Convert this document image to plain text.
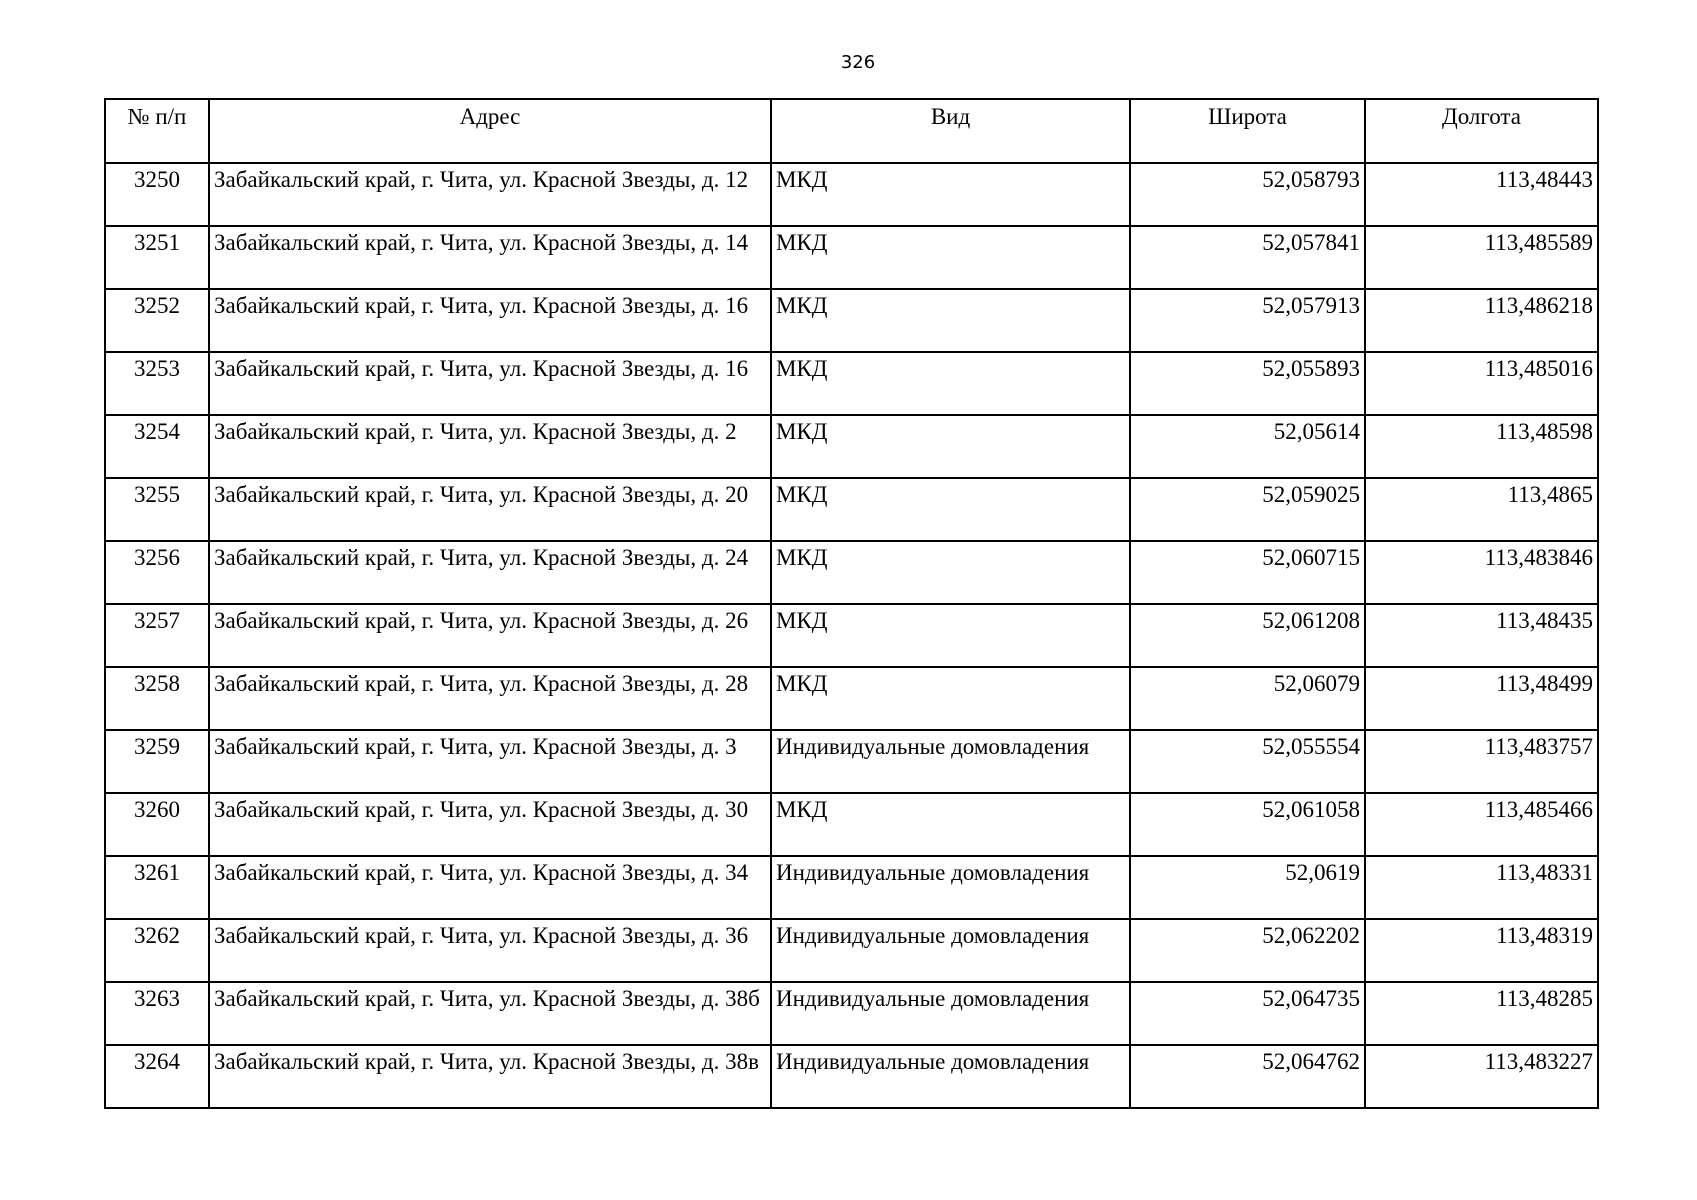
326
№ п/п	Адрес	Вид	Широта	Долгота
3250	Забайкальский край, г. Чита, ул. Красной Звезды, д. 12	МКД	52,058793	113,48443
3251	Забайкальский край, г. Чита, ул. Красной Звезды, д. 14	МКД	52,057841	113,485589
3252	Забайкальский край, г. Чита, ул. Красной Звезды, д. 16	МКД	52,057913	113,486218
3253	Забайкальский край, г. Чита, ул. Красной Звезды, д. 16	МКД	52,055893	113,485016
3254	Забайкальский край, г. Чита, ул. Красной Звезды, д. 2	МКД	52,05614	113,48598
3255	Забайкальский край, г. Чита, ул. Красной Звезды, д. 20	МКД	52,059025	113,4865
3256	Забайкальский край, г. Чита, ул. Красной Звезды, д. 24	МКД	52,060715	113,483846
3257	Забайкальский край, г. Чита, ул. Красной Звезды, д. 26	МКД	52,061208	113,48435
3258	Забайкальский край, г. Чита, ул. Красной Звезды, д. 28	МКД	52,06079	113,48499
3259	Забайкальский край, г. Чита, ул. Красной Звезды, д. 3	Индивидуальные домовладения	52,055554	113,483757
3260	Забайкальский край, г. Чита, ул. Красной Звезды, д. 30	МКД	52,061058	113,485466
3261	Забайкальский край, г. Чита, ул. Красной Звезды, д. 34	Индивидуальные домовладения	52,0619	113,48331
3262	Забайкальский край, г. Чита, ул. Красной Звезды, д. 36	Индивидуальные домовладения	52,062202	113,48319
3263	Забайкальский край, г. Чита, ул. Красной Звезды, д. 38б	Индивидуальные домовладения	52,064735	113,48285
3264	Забайкальский край, г. Чита, ул. Красной Звезды, д. 38в	Индивидуальные домовладения	52,064762	113,483227
